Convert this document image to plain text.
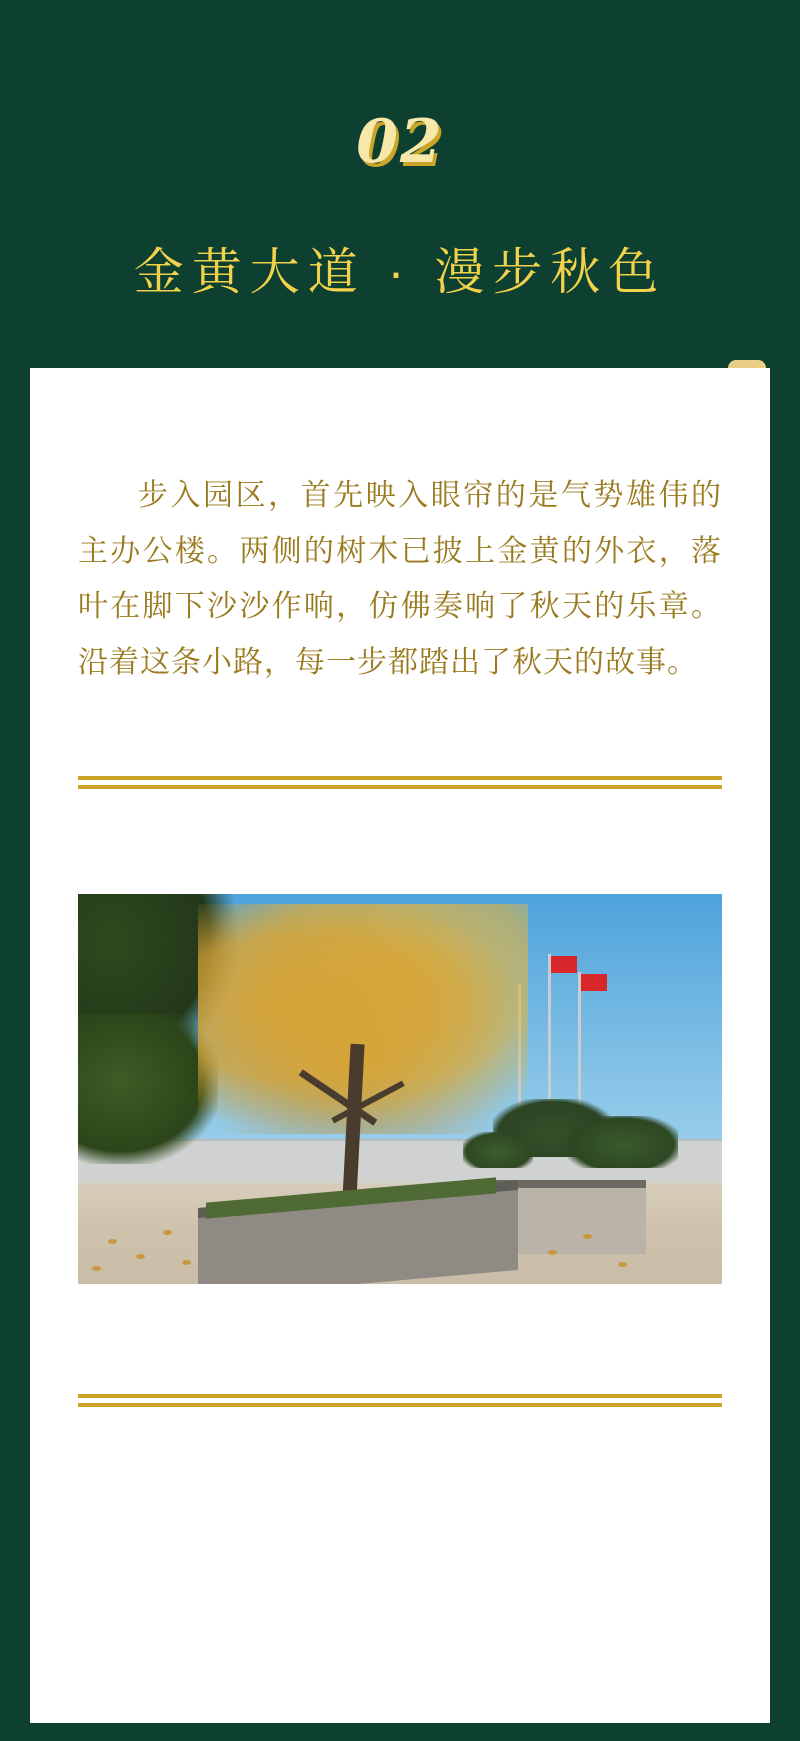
02
金黄大道 · 漫步秋色

步入园区，首先映入眼帘的是气势雄伟的主办公楼。两侧的树木已披上金黄的外衣，落叶在脚下沙沙作响，仿佛奏响了秋天的乐章。沿着这条小路，每一步都踏出了秋天的故事。
